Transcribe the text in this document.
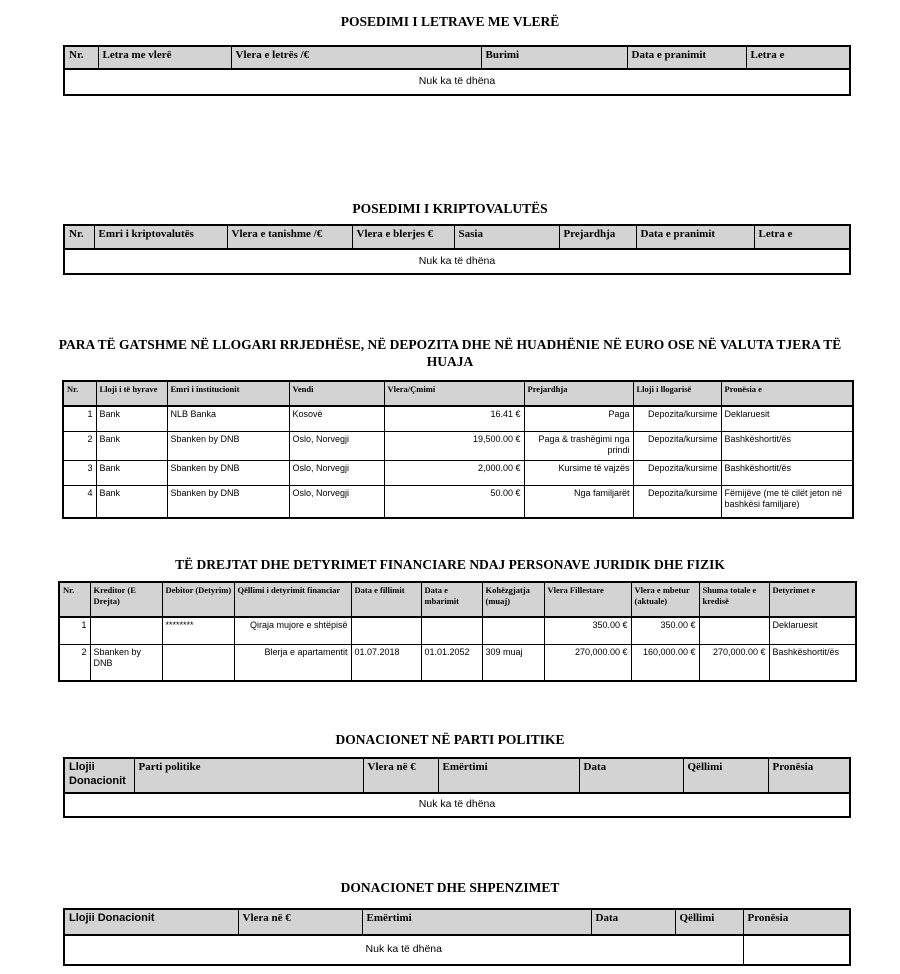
POSEDIMI I LETRAVE ME VLERË
Nr.	Letra me vlerë	Vlera e letrës /€	Burimi	Data e pranimit	Letra e
Nuk ka të dhëna
POSEDIMI I KRIPTOVALUTËS
Nr.	Emri i kriptovalutës	Vlera e tanishme /€	Vlera e blerjes €	Sasia	Prejardhja	Data e pranimit	Letra e
Nuk ka të dhëna
PARA TË GATSHME NË LLOGARI RRJEDHËSE, NË DEPOZITA DHE NË HUADHËNIE NË EURO OSE NË VALUTA TJERA TË HUAJA
Nr.	Lloji i të hyrave	Emri i institucionit	Vendi	Vlera/Çmimi	Prejardhja	Lloji i llogarisë	Pronësia e
1	Bank	NLB Banka	Kosovë	16.41 €	Paga	Depozita/kursime	Deklaruesit
2	Bank	Sbanken by DNB	Oslo, Norvegji	19,500.00 €	Paga & trashëgimi nga prindi	Depozita/kursime	Bashkëshortit/ës
3	Bank	Sbanken by DNB	Oslo, Norvegji	2,000.00 €	Kursime të vajzës	Depozita/kursime	Bashkëshortit/ës
4	Bank	Sbanken by DNB	Oslo, Norvegji	50.00 €	Nga familjarët	Depozita/kursime	Fëmijëve (me të cilët jeton në bashkësi familjare)
TË DREJTAT DHE DETYRIMET FINANCIARE NDAJ PERSONAVE JURIDIK DHE FIZIK
Nr.	Kreditor (E Drejta)	Debitor (Detyrim)	Qëllimi i detyrimit financiar	Data e fillimit	Data e mbarimit	Kohëzgjatja (muaj)	Vlera Fillestare	Vlera e mbetur (aktuale)	Shuma totale e kredisë	Detyrimet e
1		********	Qiraja mujore e shtëpisë				350.00 €	350.00 €		Deklaruesit
2	Sbanken by DNB		Blerja e apartamentit	01.07.2018	01.01.2052	309 muaj	270,000.00 €	160,000.00 €	270,000.00 €	Bashkëshortit/ës
DONACIONET NË PARTI POLITIKE
Llojii Donacionit	Parti politike	Vlera në €	Emërtimi	Data	Qëllimi	Pronësia
Nuk ka të dhëna
DONACIONET DHE SHPENZIMET
Llojii Donacionit	Vlera në €	Emërtimi	Data	Qëllimi	Pronësia
Nuk ka të dhëna					
